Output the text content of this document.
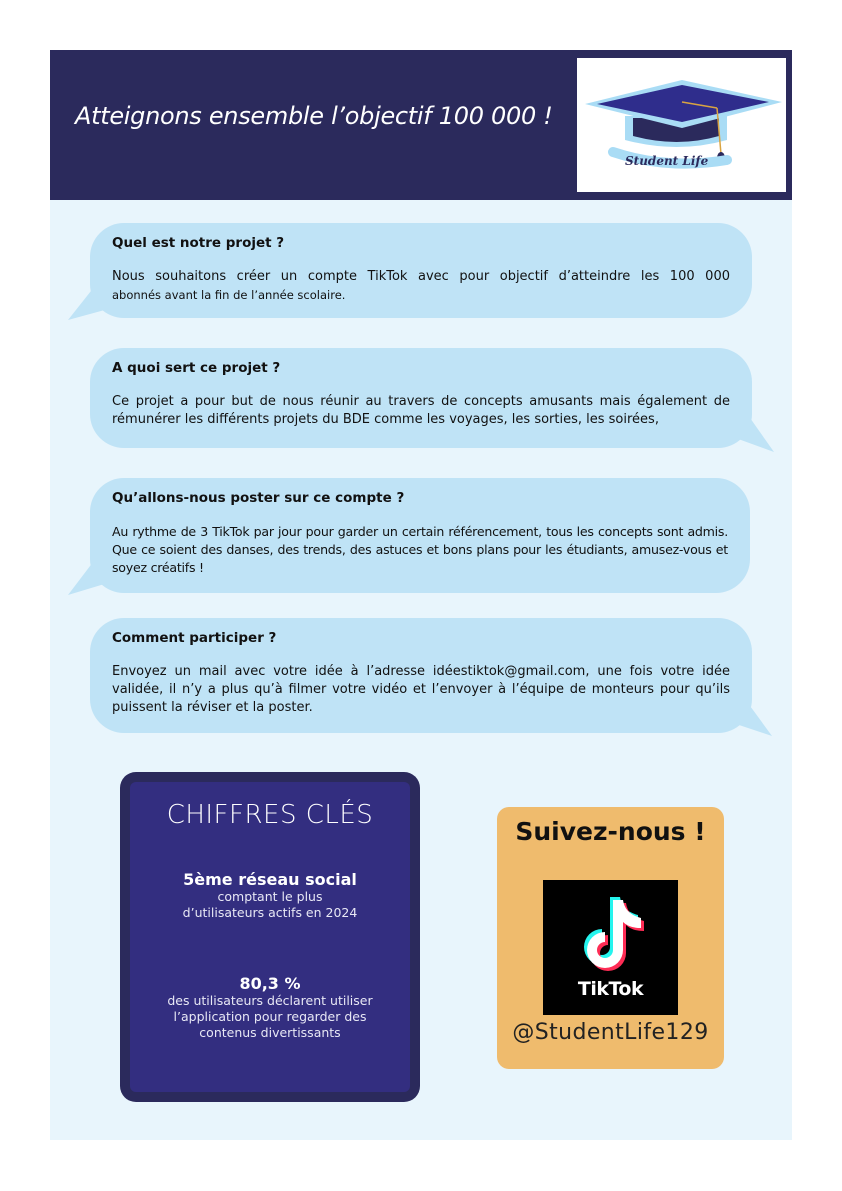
Atteignons ensemble l’objectif 100 000 !
Student Life
Quel est notre projet ?
Nous souhaitons créer un compte TikTok avec pour objectif d’atteindre les 100 000
abonnés avant la fin de l’année scolaire.
A quoi sert ce projet ?
Ce projet a pour but de nous réunir au travers de concepts amusants mais également de rémunérer les différents projets du BDE comme les voyages, les sorties, les soirées,
Qu’allons-nous poster sur ce compte ?
Au rythme de 3 TikTok par jour pour garder un certain référencement, tous les concepts sont admis. Que ce soient des danses, des trends, des astuces et bons plans pour les étudiants, amusez-vous et soyez créatifs !
Comment participer ?
Envoyez un mail avec votre idée à l’adresse idéestiktok@gmail.com, une fois votre idée validée, il n’y a plus qu’à filmer votre vidéo et l’envoyer à l’équipe de monteurs pour qu’ils puissent la réviser et la poster.
CHIFFRES CLÉS
5ème réseau social
comptant le plus d’utilisateurs actifs en 2024
80,3 %
des utilisateurs déclarent utiliser l’application pour regarder des contenus divertissants
Suivez-nous !
TikTok
@StudentLife129
